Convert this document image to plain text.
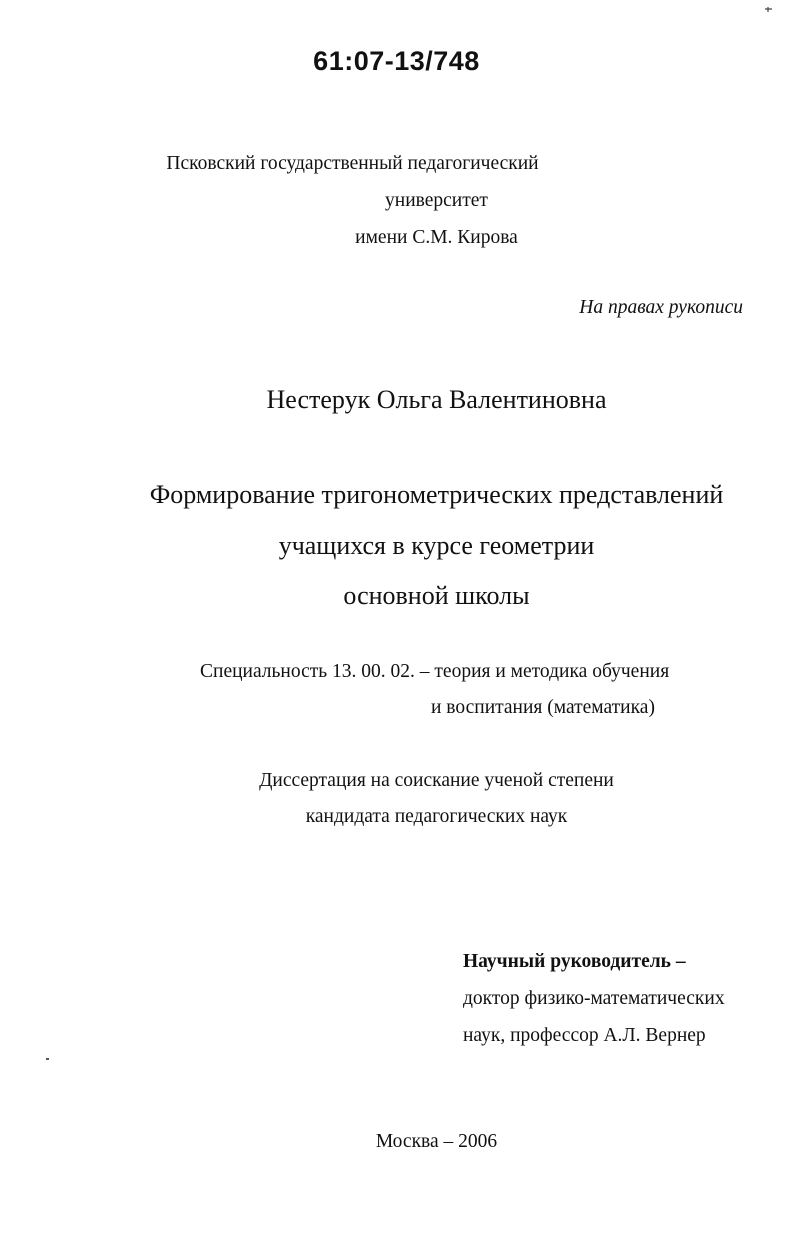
61:07-13/748
Псковский государственный педагогический
университет
имени С.М. Кирова
На правах рукописи
Нестерук Ольга Валентиновна
Формирование тригонометрических представлений
учащихся в курсе геометрии
основной школы
Специальность 13. 00. 02. – теория и методика обучения
и воспитания (математика)
Диссертация на соискание ученой степени
кандидата педагогических наук
Научный руководитель –
доктор физико-математических
наук, профессор А.Л. Вернер
Москва – 2006
